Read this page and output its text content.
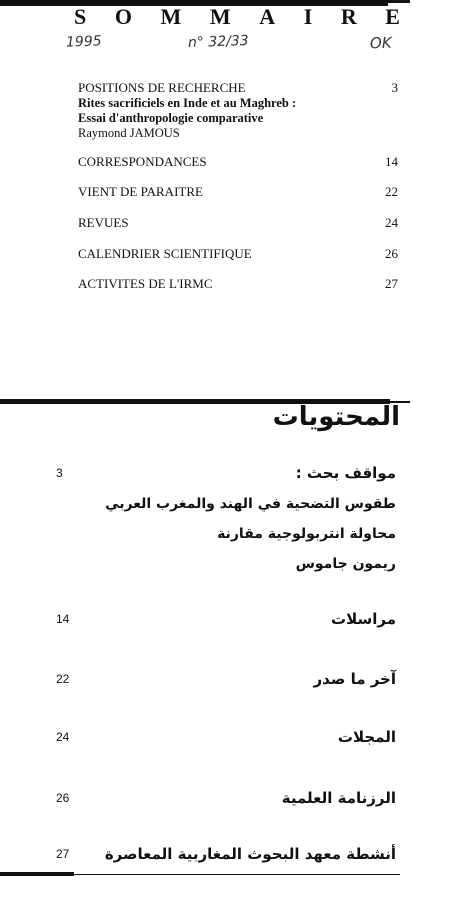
S O M M A I R E
1995	n° 32/33	OK
POSITIONS DE RECHERCHE	3
Rites sacrificiels en Inde et au Maghreb :
Essai d'anthropologie comparative
Raymond JAMOUS
CORRESPONDANCES	14
VIENT DE PARAITRE	22
REVUES	24
CALENDRIER SCIENTIFIQUE	26
ACTIVITES DE L'IRMC	27
المحتويات
3	مواقف بحث :
طقوس التضحية في الهند والمغرب العربي
محاولة انتربولوجية مقارنة
ريمون جاموس
14	مراسلات
22	آخر ما صدر
24	المجلات
26	الرزنامة العلمية
27 أنشطة معهد البحوث المغاربية المعاصرة
